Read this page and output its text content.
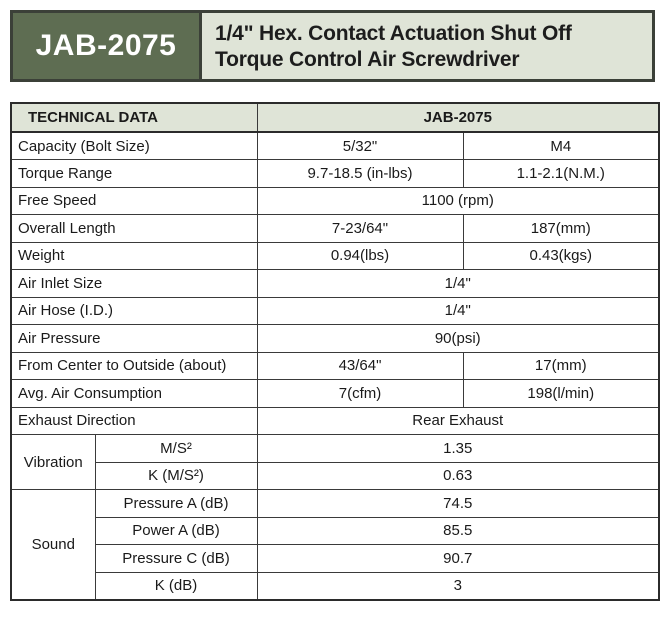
JAB-2075 1/4" Hex. Contact Actuation Shut Off
Torque Control Air Screwdriver
TECHNICAL DATA		JAB-2075	
Capacity (Bolt Size)		5/32"	M4
Torque Range		9.7-18.5 (in-lbs)	1.1-2.1(N.M.)
Free Speed		1100 (rpm)	
Overall Length		7-23/64"	187(mm)
Weight		0.94(lbs)	0.43(kgs)
Air Inlet Size		1/4"	
Air Hose (I.D.)		1/4"	
Air Pressure		90(psi)	
From Center to Outside (about)		43/64"	17(mm)
Avg. Air Consumption		7(cfm)	198(l/min)
Exhaust Direction		Rear Exhaust	
Vibration	M/S²	1.35	
	K (M/S²)	0.63	
Sound	Pressure A (dB)	74.5	
	Power A (dB)	85.5	
	Pressure C (dB)	90.7	
	K (dB)	3	
